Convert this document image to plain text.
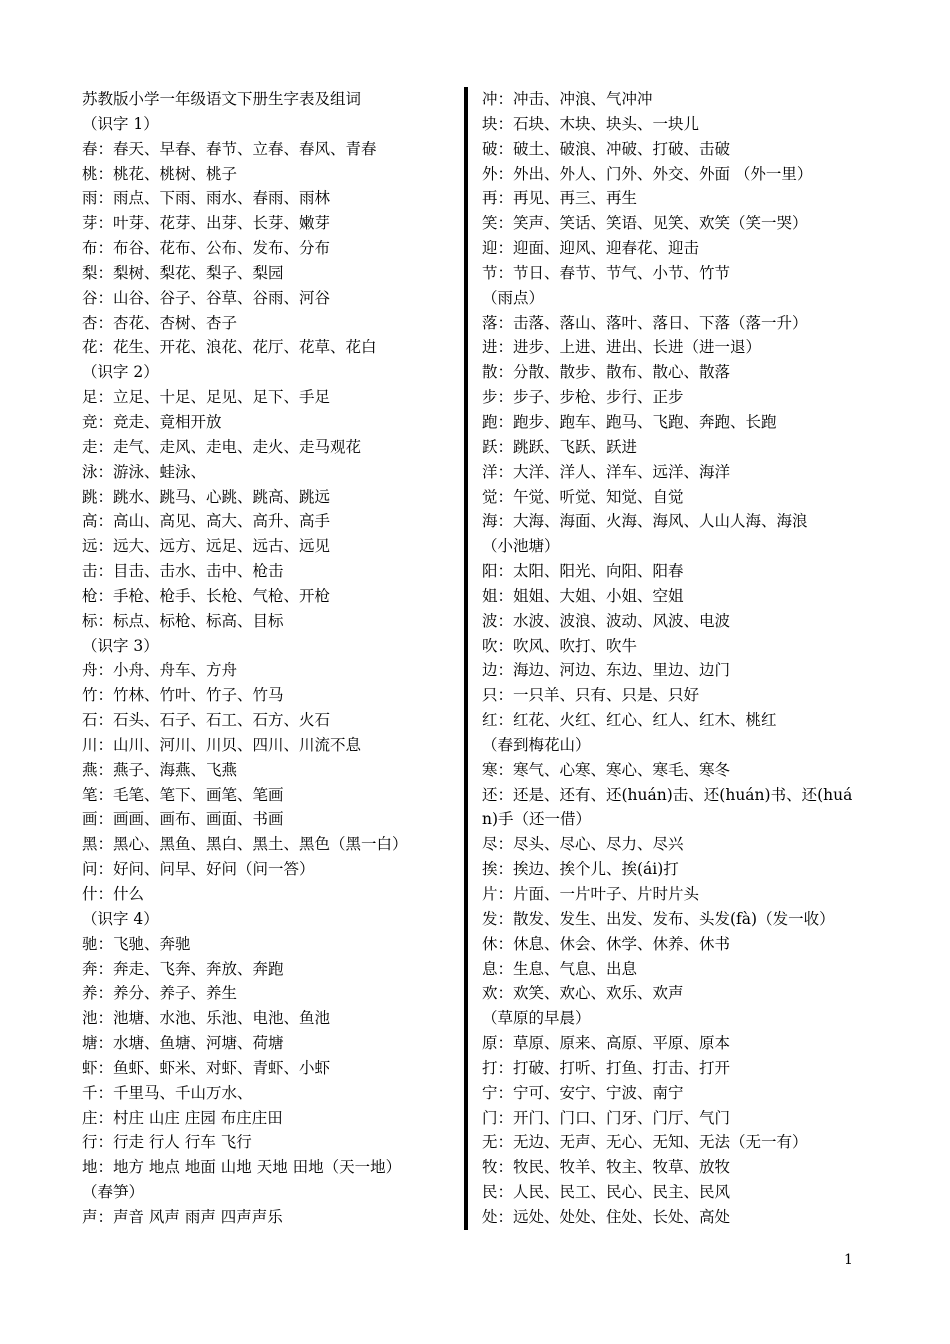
苏教版小学一年级语文下册生字表及组词
（识字 1）
春：春天、早春、春节、立春、春风、青春
桃：桃花、桃树、桃子
雨：雨点、下雨、雨水、春雨、雨林
芽：叶芽、花芽、出芽、长芽、嫩芽
布：布谷、花布、公布、发布、分布
梨：梨树、梨花、梨子、梨园
谷：山谷、谷子、谷草、谷雨、河谷
杏：杏花、杏树、杏子
花：花生、开花、浪花、花厅、花草、花白
（识字 2）
足：立足、十足、足见、足下、手足
竞：竞走、竟相开放
走：走气、走风、走电、走火、走马观花
泳：游泳、蛙泳、
跳：跳水、跳马、心跳、跳高、跳远
高：高山、高见、高大、高升、高手
远：远大、远方、远足、远古、远见
击：目击、击水、击中、枪击
枪：手枪、枪手、长枪、气枪、开枪
标：标点、标枪、标高、目标
（识字 3）
舟：小舟、舟车、方舟
竹：竹林、竹叶、竹子、竹马
石：石头、石子、石工、石方、火石
川：山川、河川、川贝、四川、川流不息
燕：燕子、海燕、飞燕
笔：毛笔、笔下、画笔、笔画
画：画画、画布、画面、书画
黑：黑心、黑鱼、黑白、黑土、黑色（黑一白）
问：好问、问早、好问（问一答）
什：什么
（识字 4）
驰：飞驰、奔驰
奔：奔走、飞奔、奔放、奔跑
养：养分、养子、养生
池：池塘、水池、乐池、电池、鱼池
塘：水塘、鱼塘、河塘、荷塘
虾：鱼虾、虾米、对虾、青虾、小虾
千：千里马、千山万水、
庄：村庄 山庄 庄园 布庄庄田
行：行走 行人 行车 飞行
地：地方 地点 地面 山地 天地 田地（天一地）
（春笋）
声：声音 风声 雨声 四声声乐
冲：冲击、冲浪、气冲冲
块：石块、木块、块头、一块儿
破：破土、破浪、冲破、打破、击破
外：外出、外人、门外、外交、外面 （外一里）
再：再见、再三、再生
笑：笑声、笑话、笑语、见笑、欢笑（笑一哭）
迎：迎面、迎风、迎春花、迎击
节：节日、春节、节气、小节、竹节
（雨点）
落：击落、落山、落叶、落日、下落（落一升）
进：进步、上进、进出、长进（进一退）
散：分散、散步、散布、散心、散落
步：步子、步枪、步行、正步
跑：跑步、跑车、跑马、飞跑、奔跑、长跑
跃：跳跃、飞跃、跃进
洋：大洋、洋人、洋车、远洋、海洋
觉：午觉、听觉、知觉、自觉
海：大海、海面、火海、海风、人山人海、海浪
（小池塘）
阳：太阳、阳光、向阳、阳春
姐：姐姐、大姐、小姐、空姐
波：水波、波浪、波动、风波、电波
吹：吹风、吹打、吹牛
边：海边、河边、东边、里边、边门
只：一只羊、只有、只是、只好
红：红花、火红、红心、红人、红木、桃红
（春到梅花山）
寒：寒气、心寒、寒心、寒毛、寒冬
还：还是、还有、还(huán)击、还(huán)书、还(huá
n)手（还一借）
尽：尽头、尽心、尽力、尽兴
挨：挨边、挨个儿、挨(ái)打
片：片面、一片叶子、片时片头
发：散发、发生、出发、发布、头发(fà)（发一收）
休：休息、休会、休学、休养、休书
息：生息、气息、出息
欢：欢笑、欢心、欢乐、欢声
（草原的早晨）
原：草原、原来、高原、平原、原本
打：打破、打听、打鱼、打击、打开
宁：宁可、安宁、宁波、南宁
门：开门、门口、门牙、门厅、气门
无：无边、无声、无心、无知、无法（无一有）
牧：牧民、牧羊、牧主、牧草、放牧
民：人民、民工、民心、民主、民风
处：远处、处处、住处、长处、高处
1
